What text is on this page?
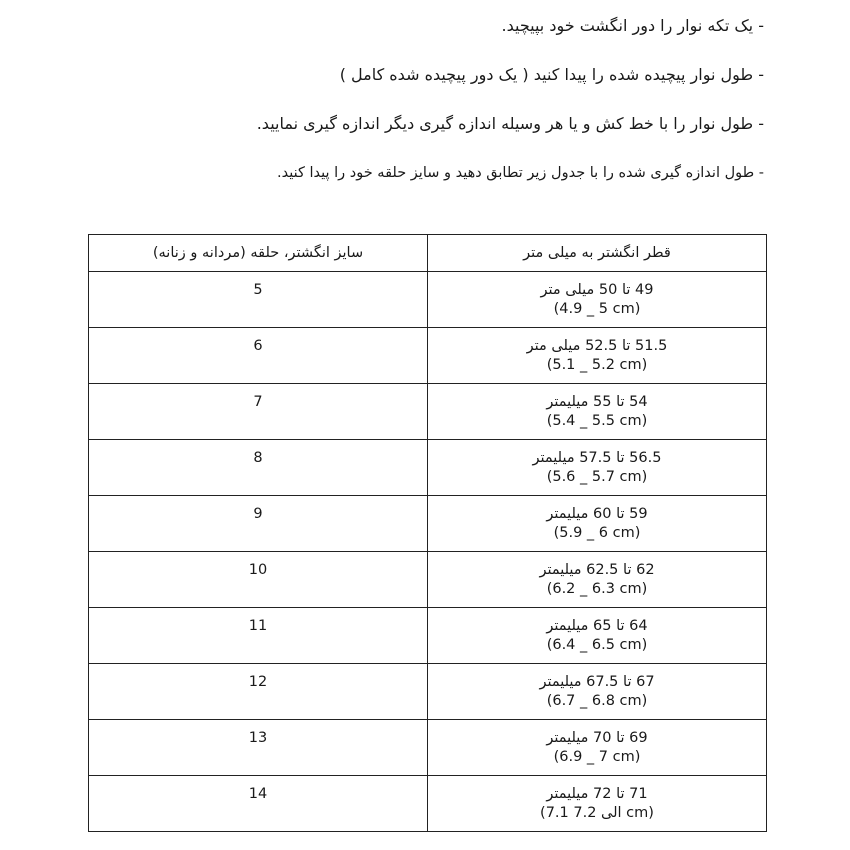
- یک تکه نوار را دور انگشت خود بپیچید.

- طول نوار پیچیده شده را پیدا کنید ( یک دور پیچیده شده کامل )

- طول نوار را با خط کش و یا هر وسیله اندازه گیری دیگر اندازه گیری نمایید.

- طول اندازه گیری شده را با جدول زیر تطابق دهید و سایز حلقه خود را پیدا کنید.

قطر انگشتر به میلی متر	سایز انگشتر، حلقه (مردانه و زنانه)

49 تا 50 میلی متر
(4.9 _ 5 cm)	5

51.5 تا 52.5 میلی متر
(5.1 _ 5.2 cm)	6

54 تا 55 میلیمتر
(5.4 _ 5.5 cm)	7

56.5 تا 57.5 میلیمتر
(5.6 _ 5.7 cm)	8

59 تا 60 میلیمتر
(5.9 _ 6 cm)	9

62 تا 62.5 میلیمتر
(6.2 _ 6.3 cm)	10

64 تا 65 میلیمتر
(6.4 _ 6.5 cm)	11

67 تا 67.5 میلیمتر
(6.7 _ 6.8 cm)	12

69 تا 70 میلیمتر
(6.9 _ 7 cm)	13

71 تا 72 میلیمتر
(7.1 الی 7.2 cm)	14
